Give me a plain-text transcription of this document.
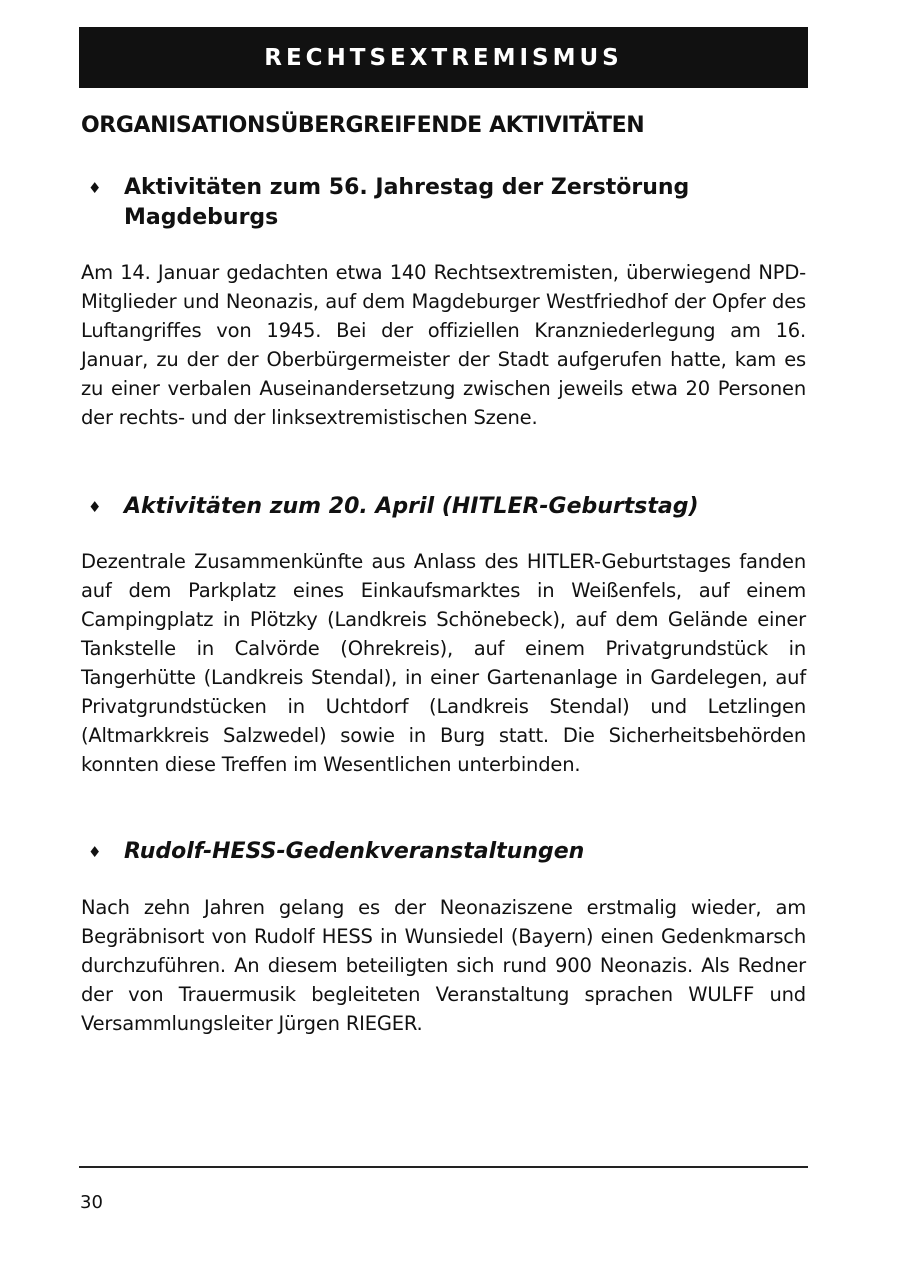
RECHTSEXTREMISMUS
ORGANISATIONSÜBERGREIFENDE AKTIVITÄTEN
♦	Aktivitäten zum 56. Jahrestag der Zerstörung Magdeburgs
Am 14. Januar gedachten etwa 140 Rechtsextremisten, überwiegend NPD-Mitglieder und Neonazis, auf dem Magdeburger Westfriedhof der Opfer des Luftangriffes von 1945. Bei der offiziellen Kranzniederlegung am 16. Januar, zu der der Oberbürgermeister der Stadt aufgerufen hatte, kam es zu einer verbalen Auseinandersetzung zwischen jeweils etwa 20 Personen der rechts- und der linksextremistischen Szene.
♦	Aktivitäten zum 20. April (HITLER-Geburtstag)
Dezentrale Zusammenkünfte aus Anlass des HITLER-Geburtstages fanden auf dem Parkplatz eines Einkaufsmarktes in Weißenfels, auf einem Campingplatz in Plötzky (Landkreis Schönebeck), auf dem Gelände einer Tankstelle in Calvörde (Ohrekreis), auf einem Privatgrundstück in Tangerhütte (Landkreis Stendal), in einer Gartenanlage in Gardelegen, auf Privatgrundstücken in Uchtdorf (Landkreis Stendal) und Letzlingen (Altmarkkreis Salzwedel) sowie in Burg statt. Die Sicherheitsbehörden konnten diese Treffen im Wesentlichen unterbinden.
♦	Rudolf-HESS-Gedenkveranstaltungen
Nach zehn Jahren gelang es der Neonaziszene erstmalig wieder, am Begräbnisort von Rudolf HESS in Wunsiedel (Bayern) einen Gedenkmarsch durchzuführen. An diesem beteiligten sich rund 900 Neonazis. Als Redner der von Trauermusik begleiteten Veranstaltung sprachen WULFF und Versammlungsleiter Jürgen RIEGER.
30
